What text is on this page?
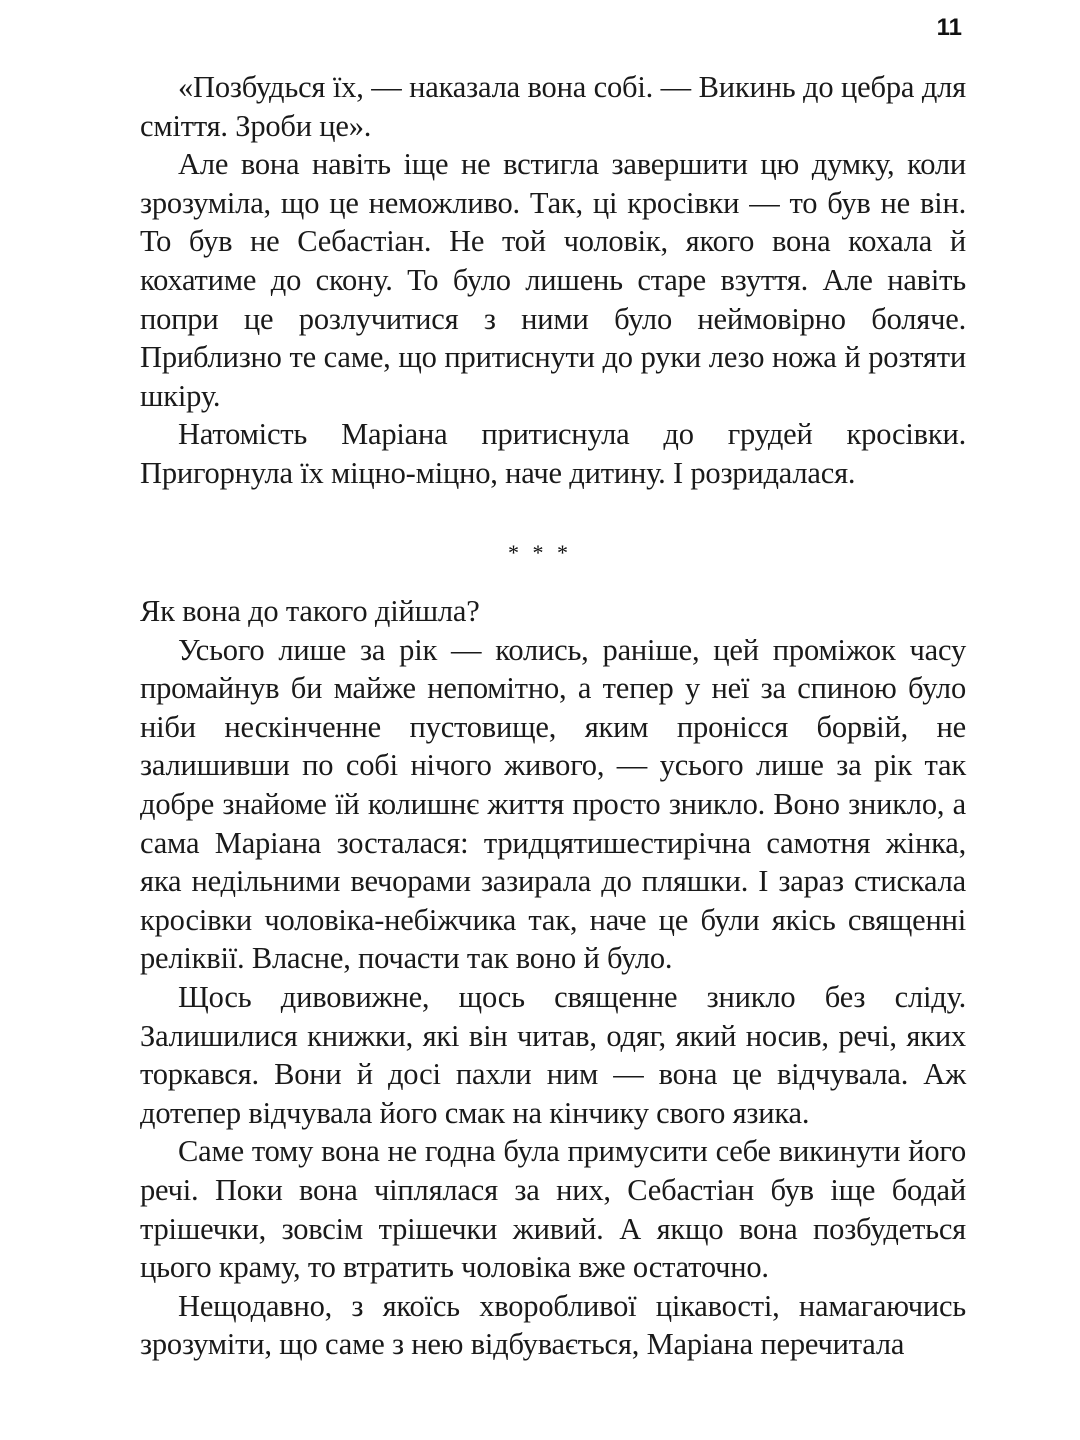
11

«Позбудься їх, — наказала вона собі. — Викинь до цебра для сміття. Зроби це».

Але вона навіть іще не встигла завершити цю думку, коли зрозуміла, що це неможливо. Так, ці кросівки — то був не він. То був не Себастіан. Не той чоловік, якого вона кохала й кохатиме до скону. То було лишень старе взуття. Але навіть попри це розлучитися з ними було неймовірно боляче. Приблизно те саме, що притиснути до руки лезо ножа й розтяти шкіру.

Натомість Маріана притиснула до грудей кросівки. Пригорнула їх міцно-міцно, наче дитину. І розридалася.

* * *

Як вона до такого дійшла?

Усього лише за рік — колись, раніше, цей проміжок часу промайнув би майже непомітно, а тепер у неї за спиною було ніби нескінченне пустовище, яким пронісся борвій, не залишивши по собі нічого живого, — усього лише за рік так добре знайоме їй колишнє життя просто зникло. Воно зникло, а сама Маріана зосталася: тридцятишестирічна самотня жінка, яка недільними вечорами зазирала до пляшки. І зараз стискала кросівки чоловіка-небіжчика так, наче це були якісь священні реліквії. Власне, почасти так воно й було.

Щось дивовижне, щось священне зникло без сліду. Залишилися книжки, які він читав, одяг, який носив, речі, яких торкався. Вони й досі пахли ним — вона це відчувала. Аж дотепер відчувала його смак на кінчику свого язика.

Саме тому вона не годна була примусити себе викинути його речі. Поки вона чіплялася за них, Себастіан був іще бодай трішечки, зовсім трішечки живий. А якщо вона позбудеться цього краму, то втратить чоловіка вже остаточно.

Нещодавно, з якоїсь хворобливої цікавості, намагаючись зрозуміти, що саме з нею відбувається, Маріана перечитала
